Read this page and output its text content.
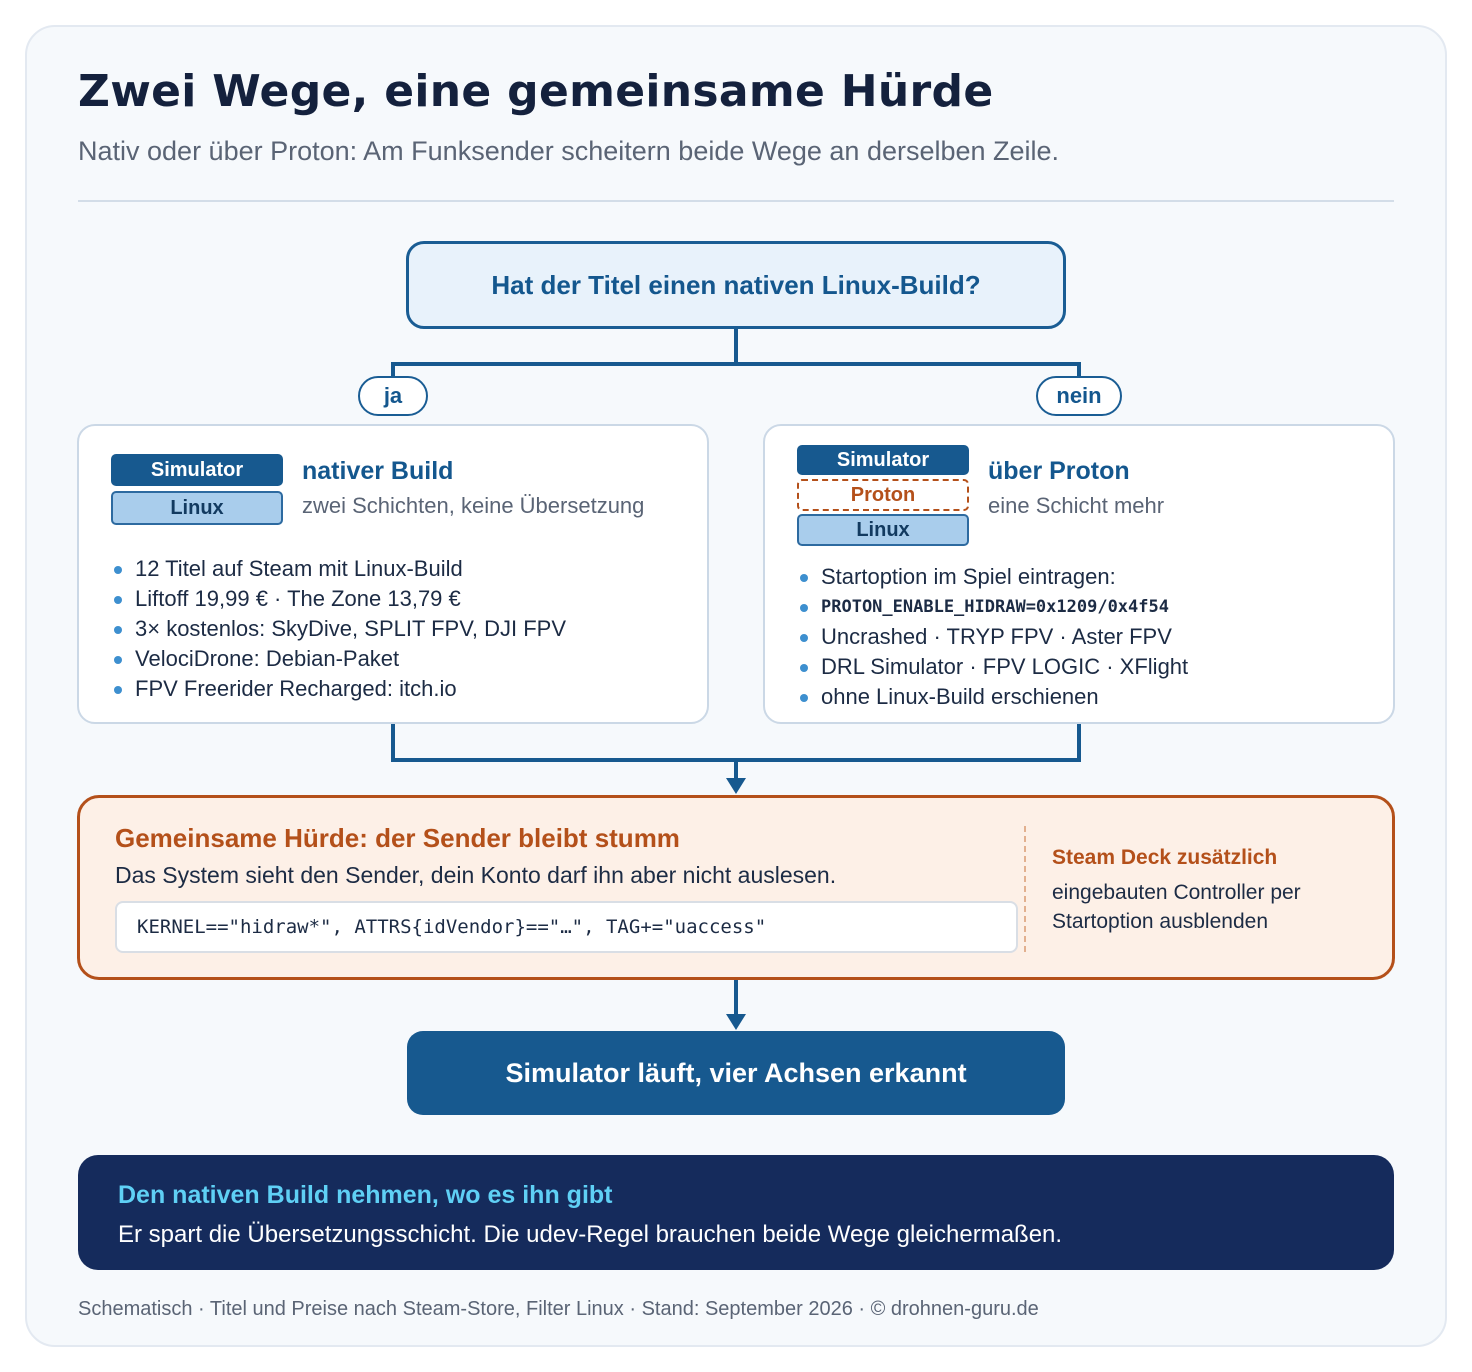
Zwei Wege, eine gemeinsame Hürde

Nativ oder über Proton: Am Funksender scheitern beide Wege an derselben Zeile.

Hat der Titel einen nativen Linux-Build?
ja	nein
Simulator
Linux
nativer Build
zwei Schichten, keine Übersetzung
12 Titel auf Steam mit Linux-Build
Liftoff 19,99 € · The Zone 13,79 €
3× kostenlos: SkyDive, SPLIT FPV, DJI FPV
VelociDrone: Debian-Paket
FPV Freerider Recharged: itch.io
Simulator
Proton
Linux
über Proton
eine Schicht mehr
Startoption im Spiel eintragen:
PROTON_ENABLE_HIDRAW=0x1209/0x4f54
Uncrashed · TRYP FPV · Aster FPV
DRL Simulator · FPV LOGIC · XFlight
ohne Linux-Build erschienen
Gemeinsame Hürde: der Sender bleibt stumm
Das System sieht den Sender, dein Konto darf ihn aber nicht auslesen.
KERNEL=="hidraw*", ATTRS{idVendor}=="…", TAG+="uaccess"
Steam Deck zusätzlich
eingebauten Controller per Startoption ausblenden
Simulator läuft, vier Achsen erkannt
Den nativen Build nehmen, wo es ihn gibt
Er spart die Übersetzungsschicht. Die udev-Regel brauchen beide Wege gleichermaßen.
Schematisch · Titel und Preise nach Steam-Store, Filter Linux · Stand: September 2026 · © drohnen-guru.de
